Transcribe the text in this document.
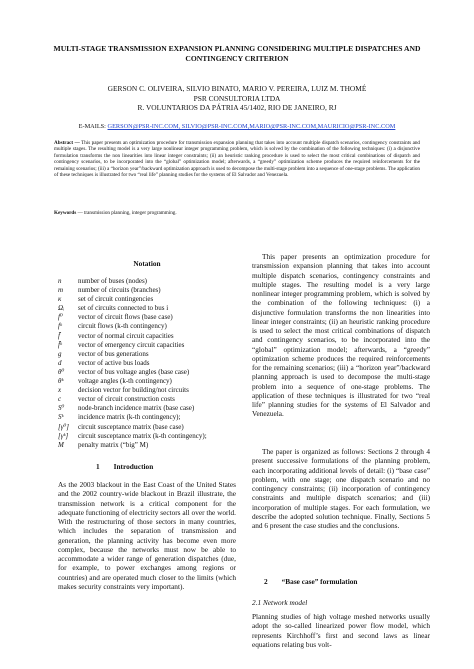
MULTI-STAGE TRANSMISSION EXPANSION PLANNING CONSIDERING MULTIPLE DISPATCHES AND CONTINGENCY CRITERION
GERSON C. OLIVEIRA, SILVIO BINATO, MARIO V. PEREIRA, LUIZ M. THOMÉ
PSR CONSULTORIA LTDA
R. VOLUNTARIOS DA PÁTRIA 45/1402, RIO DE JANEIRO, RJ
E-MAILS: GERSON@PSR-INC.COM, SILVIO@PSR-INC.COM,MARIO@PSR-INC.COM,MAURICIO@PSR-INC.COM
Abstract — This paper presents an optimization procedure for transmission expansion planning that takes into account multiple dispatch scenarios, contingency constraints and multiple stages. The resulting model is a very large nonlinear integer programming problem, which is solved by the combination of the following techniques: (i) a disjunctive formulation transforms the non linearities into linear integer constraints; (ii) an heuristic ranking procedure is used to select the most critical combinations of dispatch and contingency scenarios, to be incorporated into the “global” optimization model; afterwards, a “greedy” optimization scheme produces the required reinforcements for the remaining scenarios; (iii) a “horizon year”/backward optimization approach is used to decompose the multi-stage problem into a sequence of one-stage problems. The application of these techniques is illustrated for two “real life” planning studies for the systems of El Salvador and Venezuela.
Keywords — transmission planning, integer programming.
Notation
n	number of buses (nodes)
m	number of circuits (branches)
κ	set of circuit contingencies
Ωᵢ	set of circuits connected to bus i
f⁰	vector of circuit flows (base case)
fᵏ	circuit flows (k-th contingency)
f̄	vector of normal circuit capacities
f̄ᵏ	vector of emergency circuit capacities
g	vector of bus generations
d	vector of active bus loads
θ⁰	vector of bus voltage angles (base case)
θᵏ	voltage angles (k-th contingency)
x	decision vector for building/not circuits
c	vector of circuit construction costs
S⁰	node-branch incidence matrix (base case)
Sᵏ	incidence matrix (k-th contingency);
[γ⁰]	circuit susceptance matrix (base case)
[γᵏ]	circuit susceptance matrix (k-th contingency);
M	penalty matrix (“big” M)
1 Introduction
As the 2003 blackout in the East Coast of the United States and the 2002 country-wide blackout in Brazil illustrate, the transmission network is a critical component for the adequate functioning of electricity sectors all over the world. With the restructuring of those sectors in many countries, which includes the separation of transmission and generation, the planning activity has become even more complex, because the networks must now be able to accommodate a wider range of generation dispatches (due, for example, to power exchanges among regions or countries) and are operated much closer to the limits (which makes security constraints very important).
This paper presents an optimization procedure for transmission expansion planning that takes into account multiple dispatch scenarios, contingency constraints and multiple stages. The resulting model is a very large nonlinear integer programming problem, which is solved by the combination of the following techniques: (i) a disjunctive formulation transforms the non linearities into linear integer constraints; (ii) an heuristic ranking procedure is used to select the most critical combinations of dispatch and contingency scenarios, to be incorporated into the “global” optimization model; afterwards, a “greedy” optimization scheme produces the required reinforcements for the remaining scenarios; (iii) a “horizon year”/backward planning approach is used to decompose the multi-stage problem into a sequence of one-stage problems. The application of these techniques is illustrated for two “real life” planning studies for the systems of El Salvador and Venezuela.
The paper is organized as follows: Sections 2 through 4 present successive formulations of the planning problem, each incorporating additional levels of detail: (i) “base case” problem, with one stage; one dispatch scenario and no contingency constraints; (ii) incorporation of contingency constraints and multiple dispatch scenarios; and (iii) incorporation of multiple stages. For each formulation, we describe the adopted solution technique. Finally, Sections 5 and 6 present the case studies and the conclusions.
2 “Base case” formulation
2.1 Network model
Planning studies of high voltage meshed networks usually adopt the so-called linearized power flow model, which represents Kirchhoff’s first and second laws as linear equations relating bus volt-
